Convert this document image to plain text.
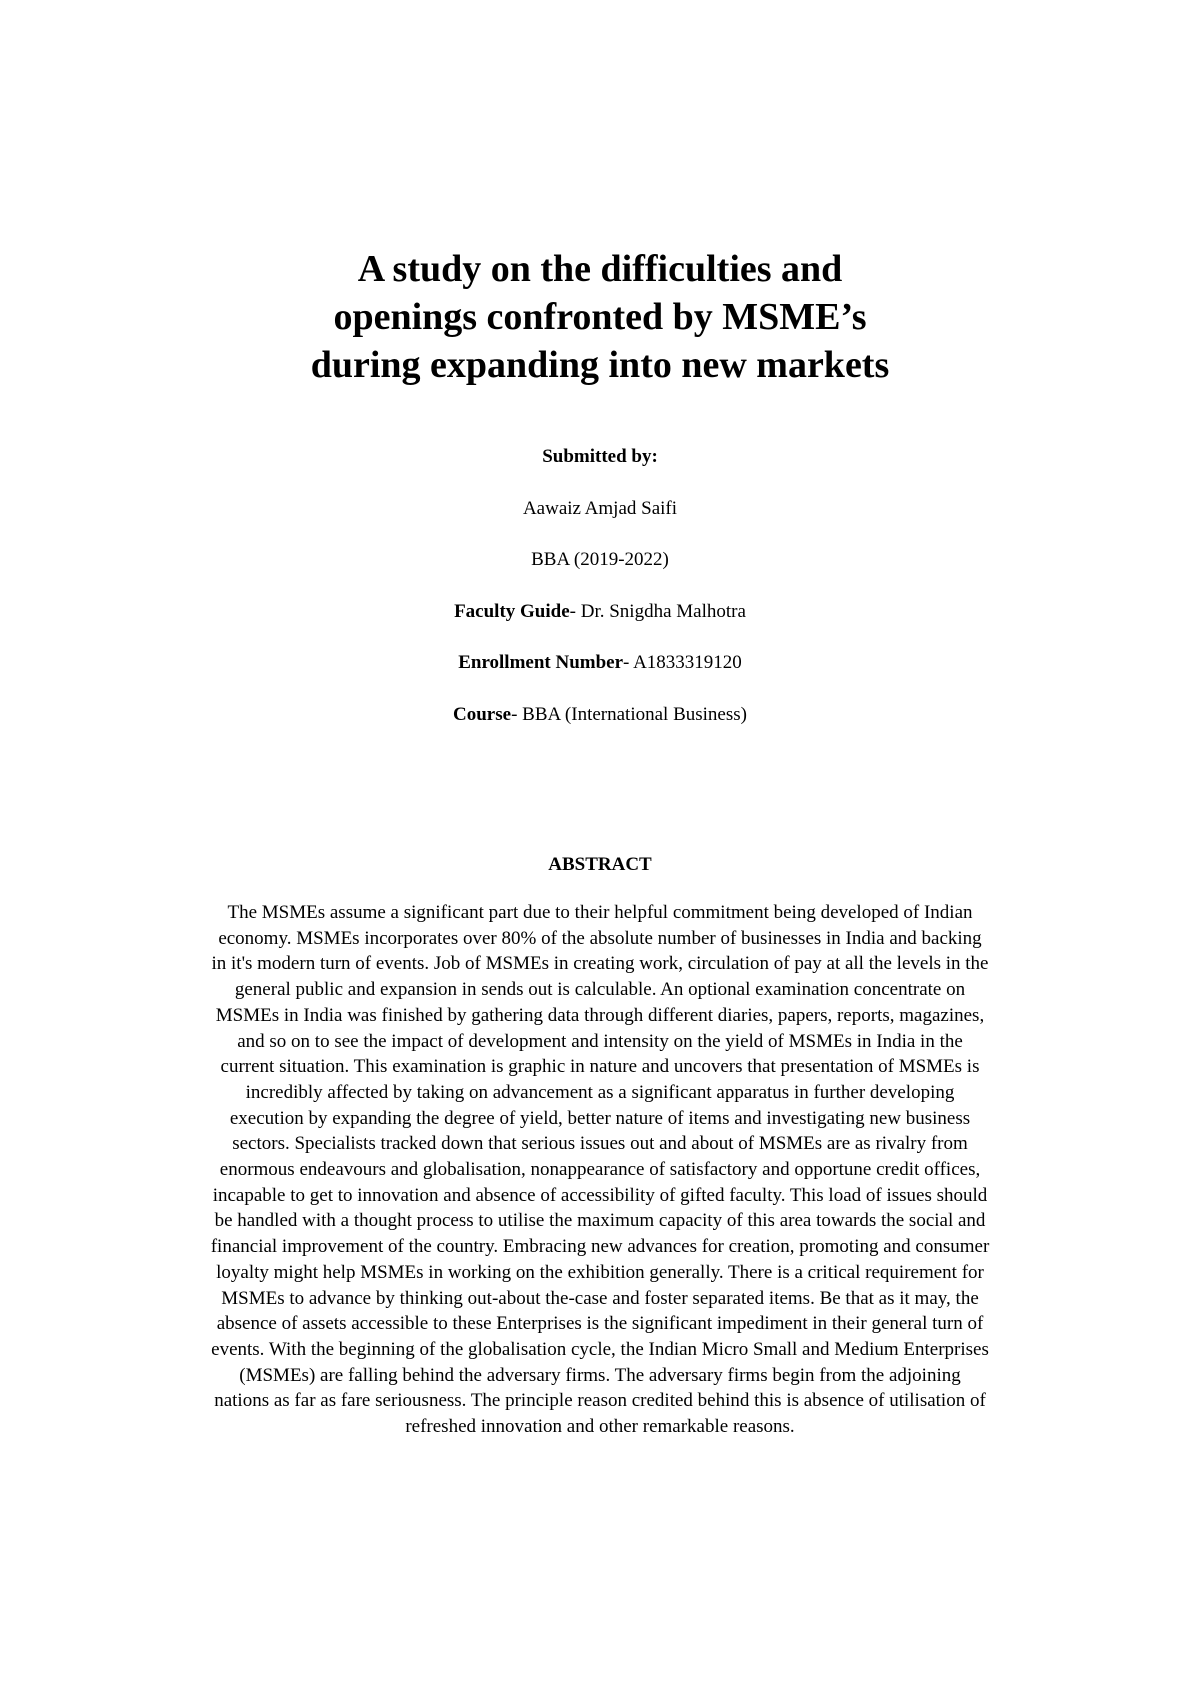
A study on the difficulties and
openings confronted by MSME’s
during expanding into new markets

Submitted by:

Aawaiz Amjad Saifi

BBA (2019-2022)

Faculty Guide- Dr. Snigdha Malhotra

Enrollment Number- A1833319120

Course- BBA (International Business)

ABSTRACT
The MSMEs assume a significant part due to their helpful commitment being developed of Indian
economy. MSMEs incorporates over 80% of the absolute number of businesses in India and backing
in it's modern turn of events. Job of MSMEs in creating work, circulation of pay at all the levels in the
general public and expansion in sends out is calculable. An optional examination concentrate on
MSMEs in India was finished by gathering data through different diaries, papers, reports, magazines,
and so on to see the impact of development and intensity on the yield of MSMEs in India in the
current situation. This examination is graphic in nature and uncovers that presentation of MSMEs is
incredibly affected by taking on advancement as a significant apparatus in further developing
execution by expanding the degree of yield, better nature of items and investigating new business
sectors. Specialists tracked down that serious issues out and about of MSMEs are as rivalry from
enormous endeavours and globalisation, nonappearance of satisfactory and opportune credit offices,
incapable to get to innovation and absence of accessibility of gifted faculty. This load of issues should
be handled with a thought process to utilise the maximum capacity of this area towards the social and
financial improvement of the country. Embracing new advances for creation, promoting and consumer
loyalty might help MSMEs in working on the exhibition generally. There is a critical requirement for
MSMEs to advance by thinking out-about the-case and foster separated items. Be that as it may, the
absence of assets accessible to these Enterprises is the significant impediment in their general turn of
events. With the beginning of the globalisation cycle, the Indian Micro Small and Medium Enterprises
(MSMEs) are falling behind the adversary firms. The adversary firms begin from the adjoining
nations as far as fare seriousness. The principle reason credited behind this is absence of utilisation of
refreshed innovation and other remarkable reasons.
